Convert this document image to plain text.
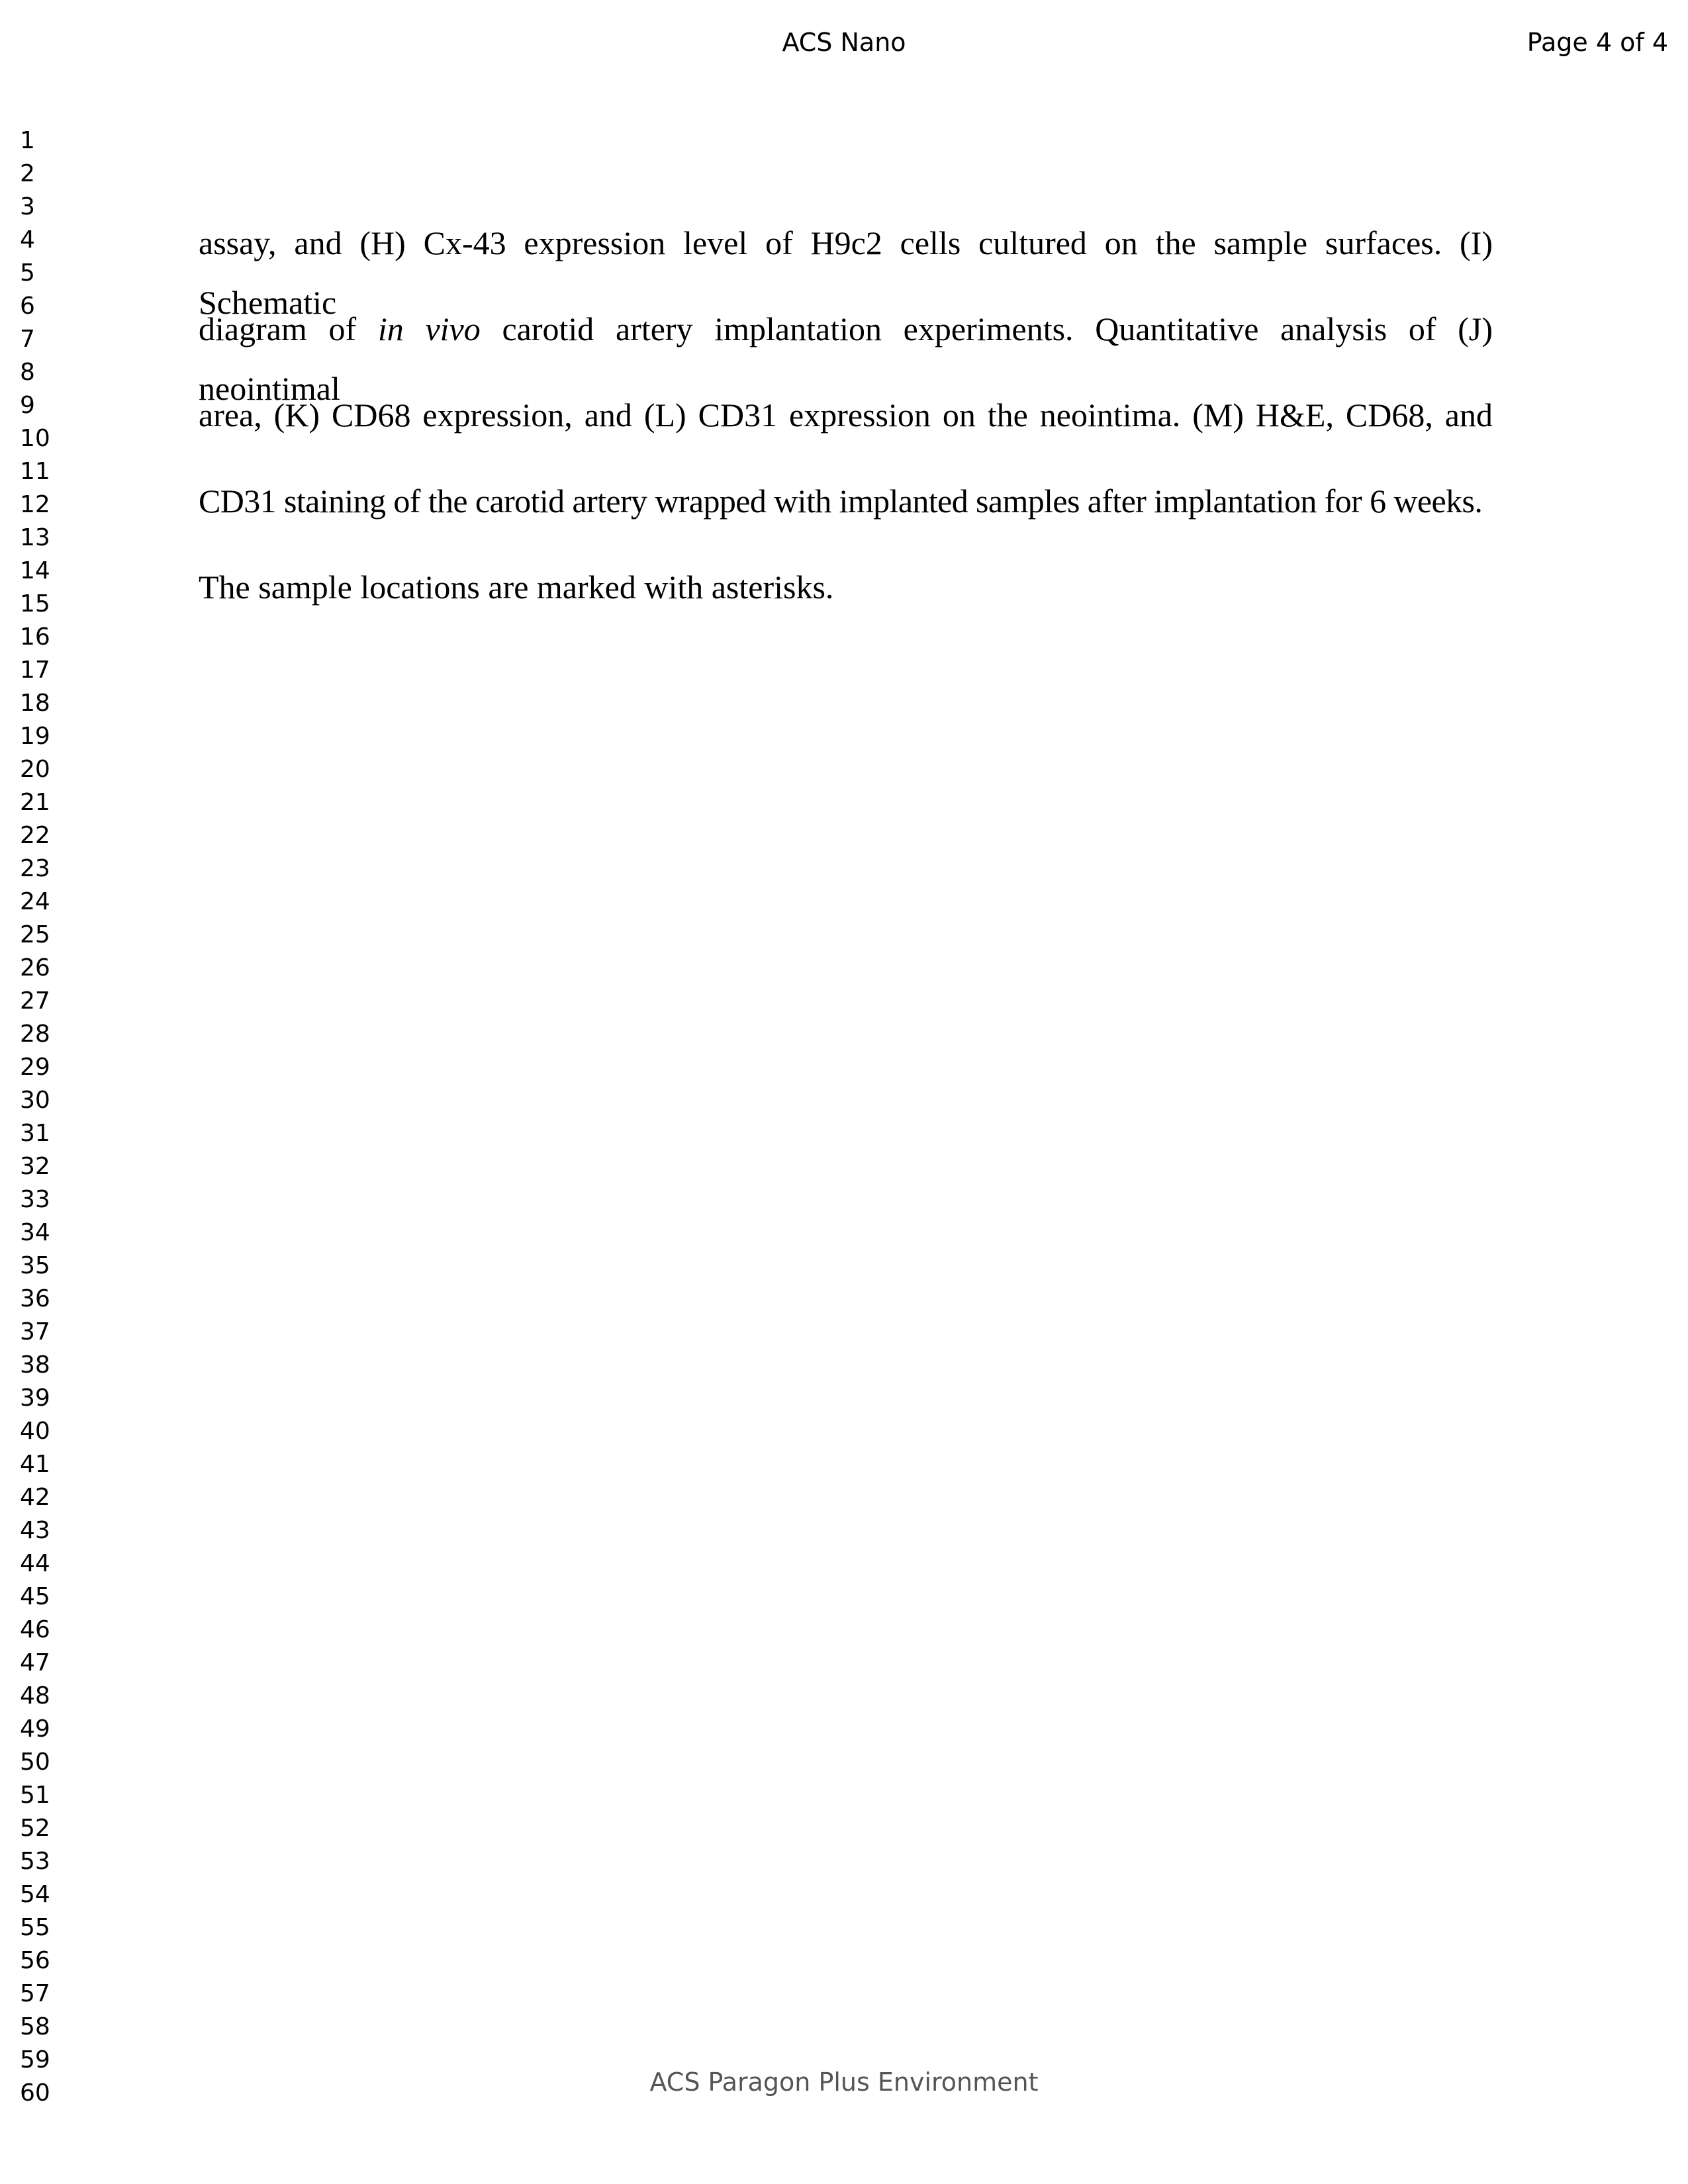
ACS Nano	Page 4 of 4
1
2
3
4
5
6
7
8
9
10
11
12
13
14
15
16
17
18
19
20
21
22
23
24
25
26
27
28
29
30
31
32
33
34
35
36
37
38
39
40
41
42
43
44
45
46
47
48
49
50
51
52
53
54
55
56
57
58
59
60
assay, and (H) Cx-43 expression level of H9c2 cells cultured on the sample surfaces. (I) Schematic
diagram of in vivo carotid artery implantation experiments. Quantitative analysis of (J) neointimal
area, (K) CD68 expression, and (L) CD31 expression on the neointima. (M) H&E, CD68, and
CD31 staining of the carotid artery wrapped with implanted samples after implantation for 6 weeks.
The sample locations are marked with asterisks.
ACS Paragon Plus Environment
